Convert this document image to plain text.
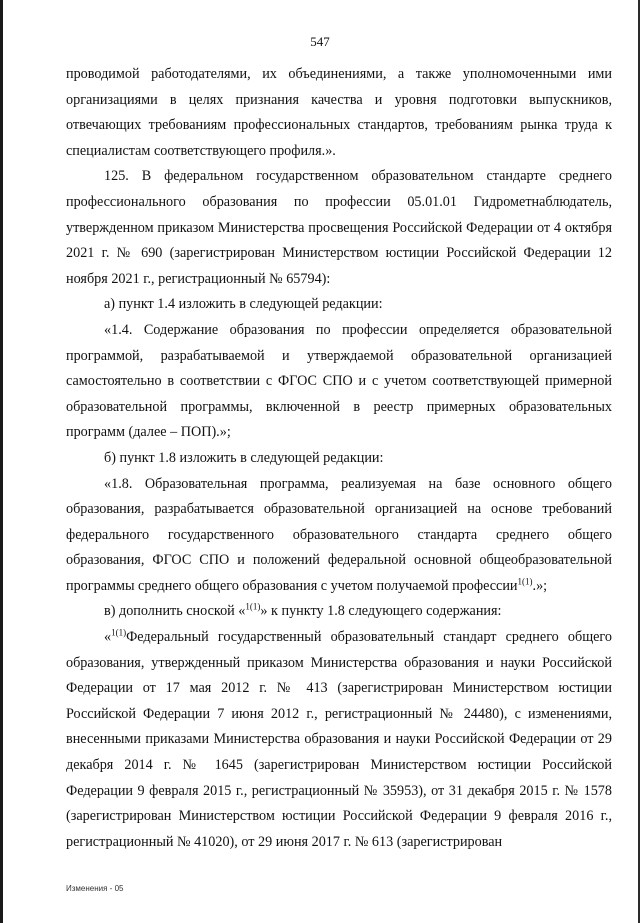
547

проводимой работодателями, их объединениями, а также уполномоченными ими организациями в целях признания качества и уровня подготовки выпускников, отвечающих требованиям профессиональных стандартов, требованиям рынка труда к специалистам соответствующего профиля.».

125. В федеральном государственном образовательном стандарте среднего профессионального образования по профессии 05.01.01 Гидрометнаблюдатель, утвержденном приказом Министерства просвещения Российской Федерации от 4 октября 2021 г. № 690 (зарегистрирован Министерством юстиции Российской Федерации 12 ноября 2021 г., регистрационный № 65794):

а) пункт 1.4 изложить в следующей редакции:

«1.4. Содержание образования по профессии определяется образовательной программой, разрабатываемой и утверждаемой образовательной организацией самостоятельно в соответствии с ФГОС СПО и с учетом соответствующей примерной образовательной программы, включенной в реестр примерных образовательных программ (далее – ПОП).»;

б) пункт 1.8 изложить в следующей редакции:

«1.8. Образовательная программа, реализуемая на базе основного общего образования, разрабатывается образовательной организацией на основе требований федерального государственного образовательного стандарта среднего общего образования, ФГОС СПО и положений федеральной основной общеобразовательной программы среднего общего образования с учетом получаемой профессии$^{1(1)}$.»;

в) дополнить сноской «$^{1(1)}$» к пункту 1.8 следующего содержания:

«$^{1(1)}$Федеральный государственный образовательный стандарт среднего общего образования, утвержденный приказом Министерства образования и науки Российской Федерации от 17 мая 2012 г. № 413 (зарегистрирован Министерством юстиции Российской Федерации 7 июня 2012 г., регистрационный № 24480), с изменениями, внесенными приказами Министерства образования и науки Российской Федерации от 29 декабря 2014 г. № 1645 (зарегистрирован Министерством юстиции Российской Федерации 9 февраля 2015 г., регистрационный № 35953), от 31 декабря 2015 г. № 1578 (зарегистрирован Министерством юстиции Российской Федерации 9 февраля 2016 г., регистрационный № 41020), от 29 июня 2017 г. № 613 (зарегистрирован

Изменения - 05
